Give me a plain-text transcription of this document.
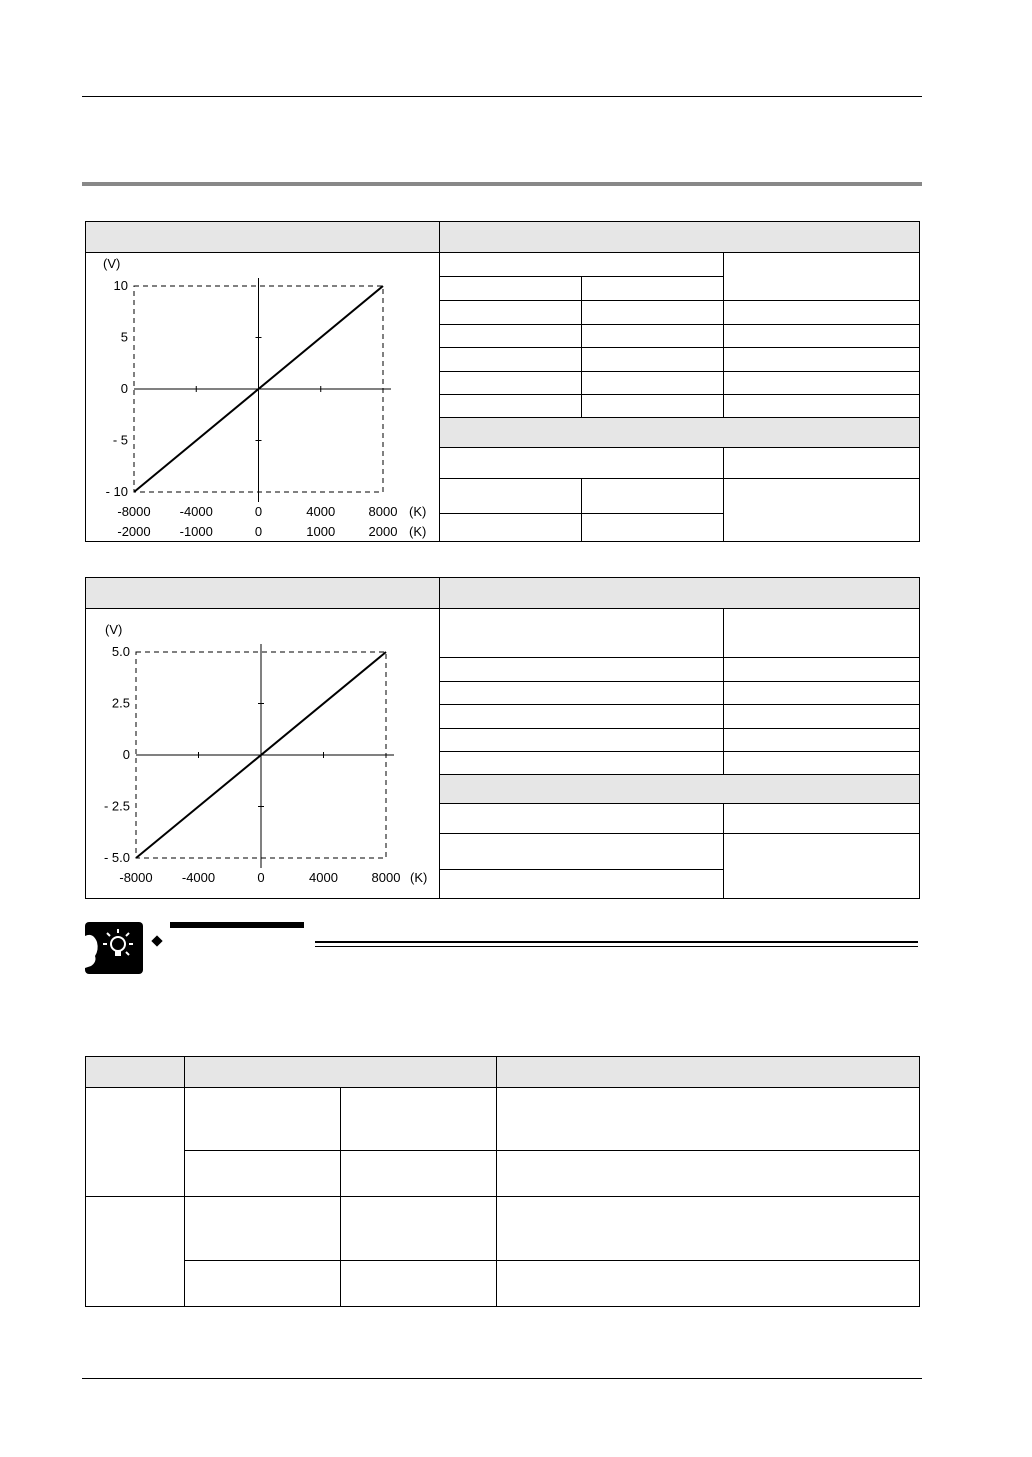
10
5
0
- 5
- 10
-8000 -4000	0	4000	8000 (K)
-2000 -1000	0	1000	2000 (K)
(V)
5.0
2.5
0
- 2.5
- 5.0
-8000 -4000	0	4000	8000 (K)
(V)
